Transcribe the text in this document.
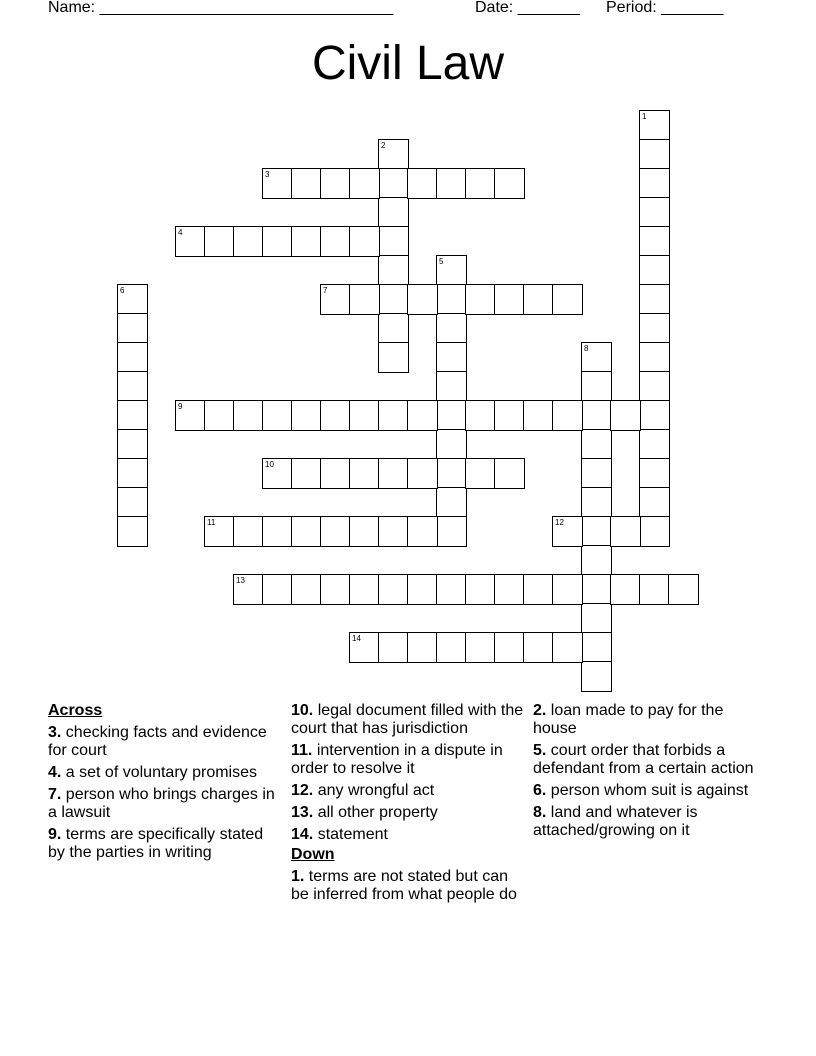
Name: _________________________________	Date: _______ Period: _______
Civil Law
1
2
3
4
5
6	7
8
9
10
11	12
13
14
Across
3. checking facts and evidence for court
4. a set of voluntary promises
7. person who brings charges in a lawsuit
9. terms are specifically stated by the parties in writing
10. legal document filled with the court that has jurisdiction
11. intervention in a dispute in order to resolve it
12. any wrongful act
13. all other property
14. statement
Down
1. terms are not stated but can be inferred from what people do
2. loan made to pay for the house
5. court order that forbids a defendant from a certain action
6. person whom suit is against
8. land and whatever is attached/growing on it
